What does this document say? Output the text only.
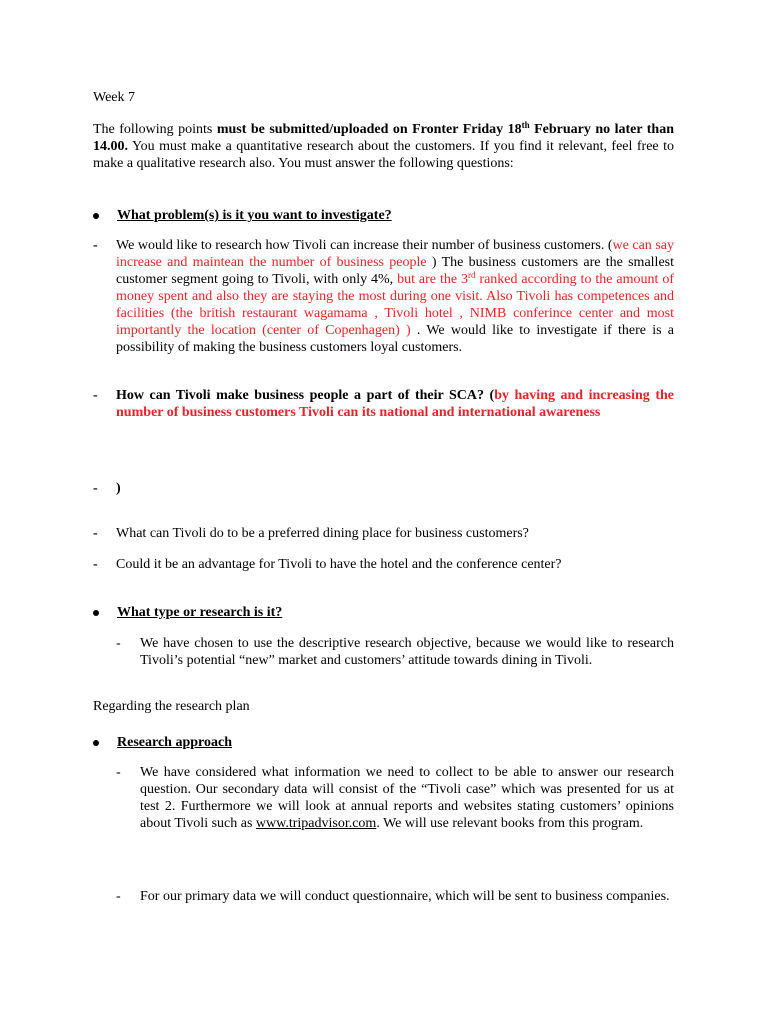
Week 7
The following points must be submitted/uploaded on Fronter Friday 18th February no later than 14.00. You must make a quantitative research about the customers. If you find it relevant, feel free to make a qualitative research also. You must answer the following questions:
What problem(s) is it you want to investigate?
- We would like to research how Tivoli can increase their number of business customers. (we can say increase and maintean the number of business people ) The business customers are the smallest customer segment going to Tivoli, with only 4%, but are the 3rd ranked according to the amount of money spent and also they are staying the most during one visit. Also Tivoli has competences and facilities (the british restaurant wagamama , Tivoli hotel , NIMB conferince center and most importantly the location (center of Copenhagen) ) . We would like to investigate if there is a possibility of making the business customers loyal customers.
- How can Tivoli make business people a part of their SCA? (by having and increasing the number of business customers Tivoli can its national and international awareness
- )
- What can Tivoli do to be a preferred dining place for business customers?
- Could it be an advantage for Tivoli to have the hotel and the conference center?
What type or research is it?
- We have chosen to use the descriptive research objective, because we would like to research Tivoli’s potential “new” market and customers’ attitude towards dining in Tivoli.
Regarding the research plan
Research approach
- We have considered what information we need to collect to be able to answer our research question. Our secondary data will consist of the “Tivoli case” which was presented for us at test 2. Furthermore we will look at annual reports and websites stating customers’ opinions about Tivoli such as www.tripadvisor.com. We will use relevant books from this program.
- For our primary data we will conduct questionnaire, which will be sent to business companies.
